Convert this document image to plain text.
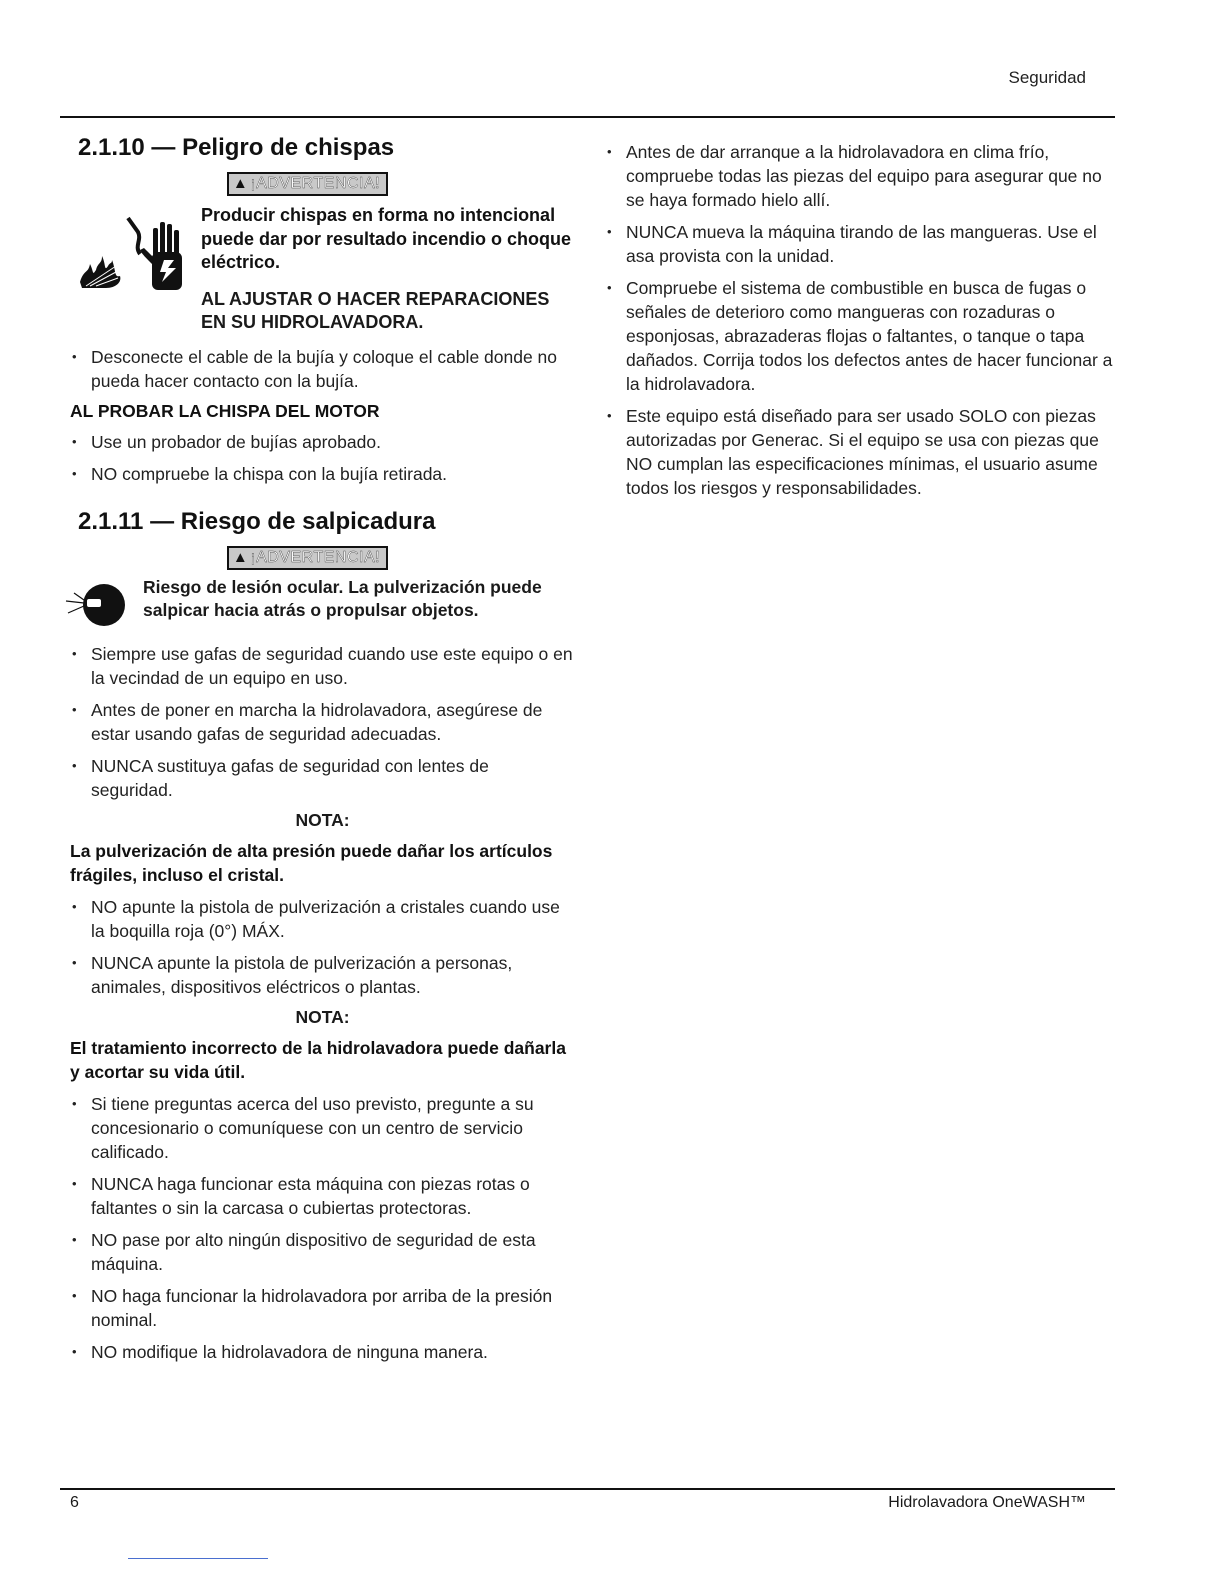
Seguridad
2.1.10 — Peligro de chispas
▲ ¡ADVERTENCIA!
Producir chispas en forma no intencional puede dar por resultado incendio o choque eléctrico.
AL AJUSTAR O HACER REPARACIONES EN SU HIDROLAVADORA.
• Desconecte el cable de la bujía y coloque el cable donde no pueda hacer contacto con la bujía.
AL PROBAR LA CHISPA DEL MOTOR
• Use un probador de bujías aprobado.
• NO compruebe la chispa con la bujía retirada.
2.1.11 — Riesgo de salpicadura
▲ ¡ADVERTENCIA!
Riesgo de lesión ocular. La pulverización puede salpicar hacia atrás o propulsar objetos.
• Siempre use gafas de seguridad cuando use este equipo o en la vecindad de un equipo en uso.
• Antes de poner en marcha la hidrolavadora, asegúrese de estar usando gafas de seguridad adecuadas.
• NUNCA sustituya gafas de seguridad con lentes de seguridad.
NOTA:
La pulverización de alta presión puede dañar los artículos frágiles, incluso el cristal.
• NO apunte la pistola de pulverización a cristales cuando use la boquilla roja (0°) MÁX.
• NUNCA apunte la pistola de pulverización a personas, animales, dispositivos eléctricos o plantas.
NOTA:
El tratamiento incorrecto de la hidrolavadora puede dañarla y acortar su vida útil.
• Si tiene preguntas acerca del uso previsto, pregunte a su concesionario o comuníquese con un centro de servicio calificado.
• NUNCA haga funcionar esta máquina con piezas rotas o faltantes o sin la carcasa o cubiertas protectoras.
• NO pase por alto ningún dispositivo de seguridad de esta máquina.
• NO haga funcionar la hidrolavadora por arriba de la presión nominal.
• NO modifique la hidrolavadora de ninguna manera.
• Antes de dar arranque a la hidrolavadora en clima frío, compruebe todas las piezas del equipo para asegurar que no se haya formado hielo allí.
• NUNCA mueva la máquina tirando de las mangueras. Use el asa provista con la unidad.
• Compruebe el sistema de combustible en busca de fugas o señales de deterioro como mangueras con rozaduras o esponjosas, abrazaderas flojas o faltantes, o tanque o tapa dañados. Corrija todos los defectos antes de hacer funcionar a la hidrolavadora.
• Este equipo está diseñado para ser usado SOLO con piezas autorizadas por Generac. Si el equipo se usa con piezas que NO cumplan las especificaciones mínimas, el usuario asume todos los riesgos y responsabilidades.
6	Hidrolavadora OneWASH™
